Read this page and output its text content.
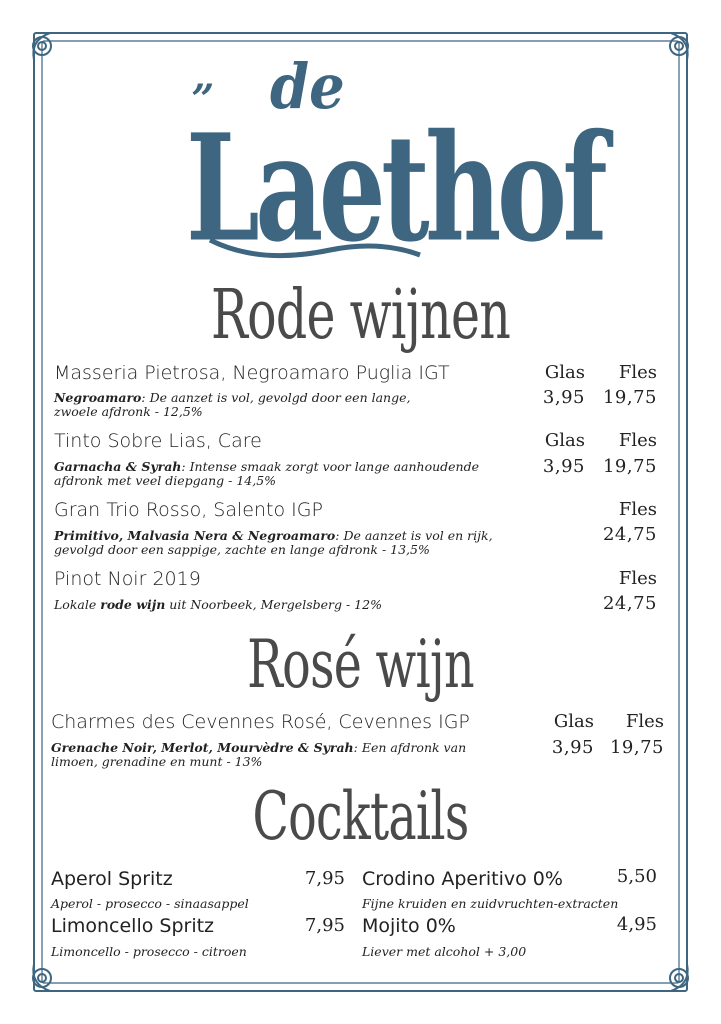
„ de
Laethof
Rode wijnen
Masseria Pietrosa, Negroamaro Puglia IGT	Glas	Fles
Negroamaro: De aanzet is vol, gevolgd door een lange,
zwoele afdronk - 12,5%
3,95 19,75
Tinto Sobre Lias, Care	Glas	Fles
Garnacha & Syrah: Intense smaak zorgt voor lange aanhoudende
afdronk met veel diepgang - 14,5%
3,95 19,75
Gran Trio Rosso, Salento IGP	Fles
Primitivo, Malvasia Nera & Negroamaro: De aanzet is vol en rijk,
gevolgd door een sappige, zachte en lange afdronk - 13,5%
24,75
Pinot Noir 2019	Fles
Lokale rode wijn uit Noorbeek, Mergelsberg - 12%	24,75
Rosé wijn
Charmes des Cevennes Rosé, Cevennes IGP	Glas	Fles
Grenache Noir, Merlot, Mourvèdre & Syrah: Een afdronk van
limoen, grenadine en munt - 13%
3,95 19,75
Cocktails
Aperol Spritz	7,95
Aperol - prosecco - sinaasappel
Limoncello Spritz	7,95
Limoncello - prosecco - citroen
Crodino Aperitivo 0%	5,50
Fijne kruiden en zuidvruchten-extracten
Mojito 0%	4,95
Liever met alcohol + 3,00
